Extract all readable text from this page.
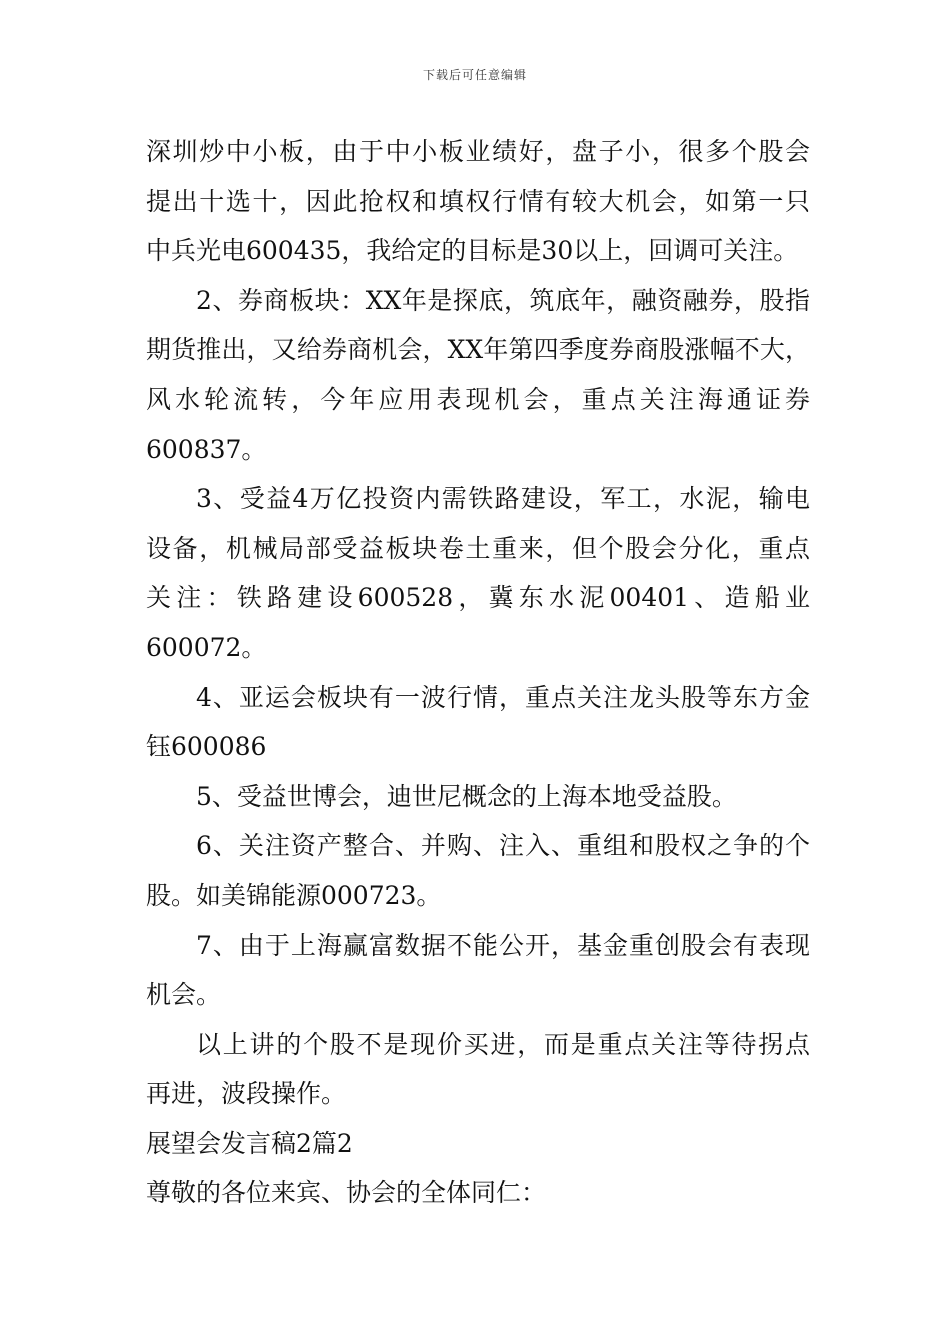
下载后可任意编辑
深圳炒中小板，由于中小板业绩好，盘子小，很多个股会
提出十选十，因此抢权和填权行情有较大机会，如第一只
中兵光电600435，我给定的目标是30以上，回调可关注。
2、券商板块：XX年是探底，筑底年，融资融券，股指
期货推出，又给券商机会，XX年第四季度券商股涨幅不大，
风水轮流转，今年应用表现机会，重点关注海通证券
600837。
3、受益4万亿投资内需铁路建设，军工，水泥，输电
设备，机械局部受益板块卷土重来，但个股会分化，重点
关注：铁路建设600528，冀东水泥00401、造船业
600072。
4、亚运会板块有一波行情，重点关注龙头股等东方金
钰600086
5、受益世博会，迪世尼概念的上海本地受益股。
6、关注资产整合、并购、注入、重组和股权之争的个
股。如美锦能源000723。
7、由于上海赢富数据不能公开，基金重创股会有表现
机会。
以上讲的个股不是现价买进，而是重点关注等待拐点
再进，波段操作。
展望会发言稿2篇2
尊敬的各位来宾、协会的全体同仁：
